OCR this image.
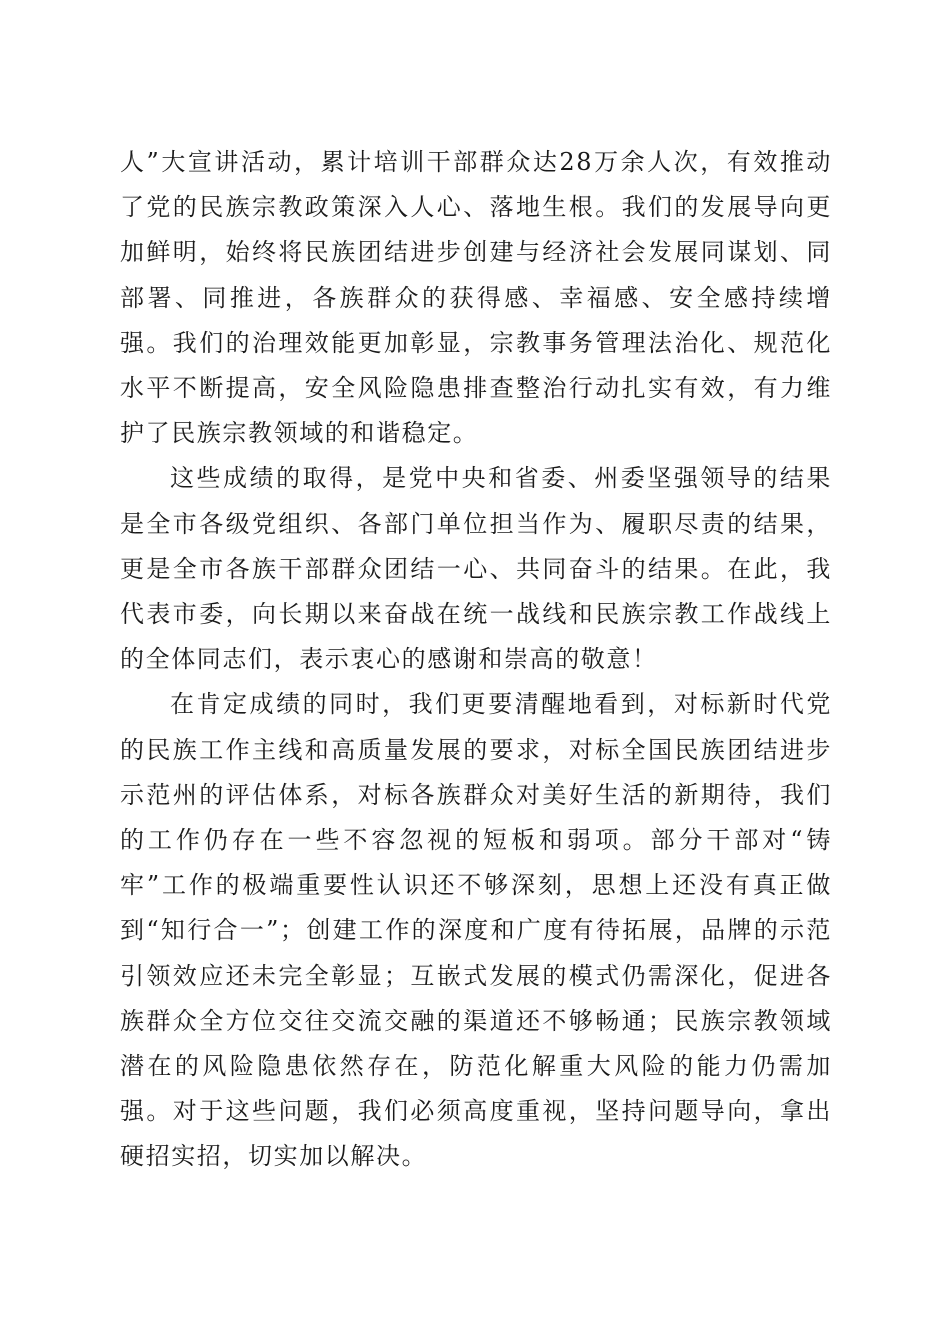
人”大宣讲活动，累计培训干部群众达28万余人次，有效推动了党的民族宗教政策深入人心、落地生根。我们的发展导向更加鲜明，始终将民族团结进步创建与经济社会发展同谋划、同部署、同推进，各族群众的获得感、幸福感、安全感持续增强。我们的治理效能更加彰显，宗教事务管理法治化、规范化水平不断提高，安全风险隐患排查整治行动扎实有效，有力维护了民族宗教领域的和谐稳定。

这些成绩的取得，是党中央和省委、州委坚强领导的结果是全市各级党组织、各部门单位担当作为、履职尽责的结果，更是全市各族干部群众团结一心、共同奋斗的结果。在此，我代表市委，向长期以来奋战在统一战线和民族宗教工作战线上的全体同志们，表示衷心的感谢和崇高的敬意！

在肯定成绩的同时，我们更要清醒地看到，对标新时代党的民族工作主线和高质量发展的要求，对标全国民族团结进步示范州的评估体系，对标各族群众对美好生活的新期待，我们的工作仍存在一些不容忽视的短板和弱项。部分干部对“铸牢”工作的极端重要性认识还不够深刻，思想上还没有真正做到“知行合一”；创建工作的深度和广度有待拓展，品牌的示范引领效应还未完全彰显；互嵌式发展的模式仍需深化，促进各族群众全方位交往交流交融的渠道还不够畅通；民族宗教领域潜在的风险隐患依然存在，防范化解重大风险的能力仍需加强。对于这些问题，我们必须高度重视，坚持问题导向，拿出硬招实招，切实加以解决。
